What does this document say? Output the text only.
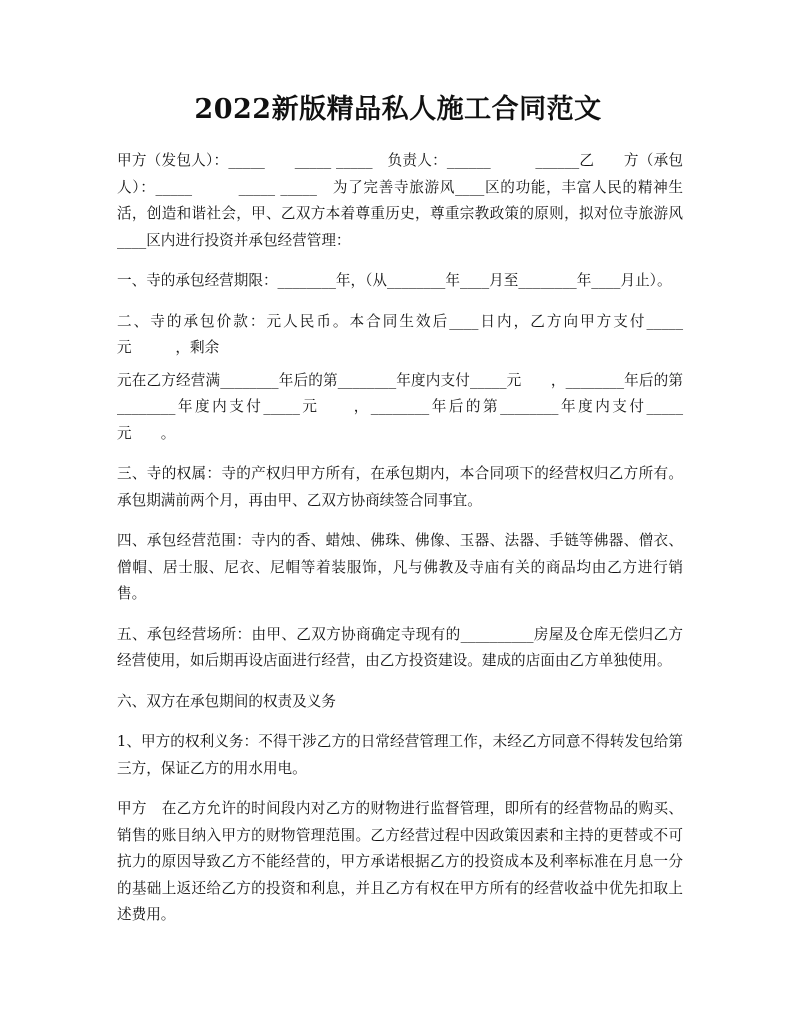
2022新版精品私人施工合同范文

甲方（发包人）：_____　　_____ _____　负责人：______　　　______乙　　方（承包人）：_____　　　_____ _____　为了完善寺旅游风____区的功能，丰富人民的精神生活，创造和谐社会，甲、乙双方本着尊重历史，尊重宗教政策的原则，拟对位寺旅游风____区内进行投资并承包经营管理：

一、寺的承包经营期限：________年，（从________年____月至________年____月止）。

二、寺的承包价款：元人民币。本合同生效后____日内，乙方向甲方支付_____元　　　，剩余

元在乙方经营满________年后的第________年度内支付_____元　　，________年后的第________年度内支付_____元　　，________年后的第________年度内支付_____元　　。

三、寺的权属：寺的产权归甲方所有，在承包期内，本合同项下的经营权归乙方所有。承包期满前两个月，再由甲、乙双方协商续签合同事宜。

四、承包经营范围：寺内的香、蜡烛、佛珠、佛像、玉器、法器、手链等佛器、僧衣、僧帽、居士服、尼衣、尼帽等着装服饰，凡与佛教及寺庙有关的商品均由乙方进行销售。

五、承包经营场所：由甲、乙双方协商确定寺现有的__________房屋及仓库无偿归乙方经营使用，如后期再设店面进行经营，由乙方投资建设。建成的店面由乙方单独使用。

六、双方在承包期间的权责及义务

1、甲方的权利义务：不得干涉乙方的日常经营管理工作，未经乙方同意不得转发包给第三方，保证乙方的用水用电。

甲方　在乙方允许的时间段内对乙方的财物进行监督管理，即所有的经营物品的购买、销售的账目纳入甲方的财物管理范围。乙方经营过程中因政策因素和主持的更替或不可抗力的原因导致乙方不能经营的，甲方承诺根据乙方的投资成本及利率标准在月息一分的基础上返还给乙方的投资和利息，并且乙方有权在甲方所有的经营收益中优先扣取上述费用。
